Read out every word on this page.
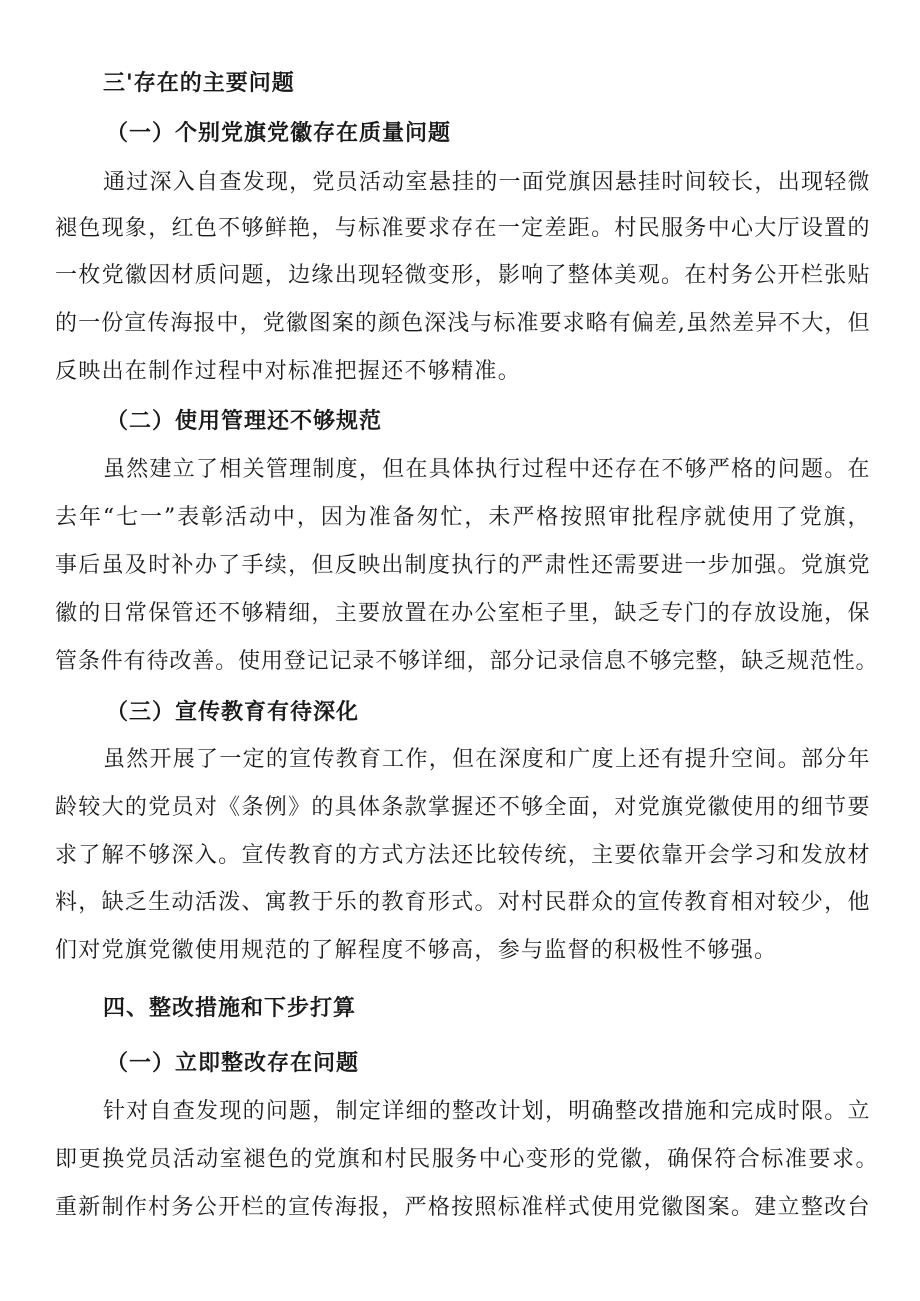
三'存在的主要问题
（一）个别党旗党徽存在质量问题
通过深入自查发现，党员活动室悬挂的一面党旗因悬挂时间较长，出现轻微
褪色现象，红色不够鲜艳，与标准要求存在一定差距。村民服务中心大厅设置的
一枚党徽因材质问题，边缘出现轻微变形，影响了整体美观。在村务公开栏张贴
的一份宣传海报中，党徽图案的颜色深浅与标准要求略有偏差,虽然差异不大，但
反映出在制作过程中对标准把握还不够精准。
（二）使用管理还不够规范
虽然建立了相关管理制度，但在具体执行过程中还存在不够严格的问题。在
去年“七一”表彰活动中，因为准备匆忙，未严格按照审批程序就使用了党旗，
事后虽及时补办了手续，但反映出制度执行的严肃性还需要进一步加强。党旗党
徽的日常保管还不够精细，主要放置在办公室柜子里，缺乏专门的存放设施，保
管条件有待改善。使用登记记录不够详细，部分记录信息不够完整，缺乏规范性。
（三）宣传教育有待深化
虽然开展了一定的宣传教育工作，但在深度和广度上还有提升空间。部分年
龄较大的党员对《条例》的具体条款掌握还不够全面，对党旗党徽使用的细节要
求了解不够深入。宣传教育的方式方法还比较传统，主要依靠开会学习和发放材
料，缺乏生动活泼、寓教于乐的教育形式。对村民群众的宣传教育相对较少，他
们对党旗党徽使用规范的了解程度不够高，参与监督的积极性不够强。
四、整改措施和下步打算
（一）立即整改存在问题
针对自查发现的问题，制定详细的整改计划，明确整改措施和完成时限。立
即更换党员活动室褪色的党旗和村民服务中心变形的党徽，确保符合标准要求。
重新制作村务公开栏的宣传海报，严格按照标准样式使用党徽图案。建立整改台
